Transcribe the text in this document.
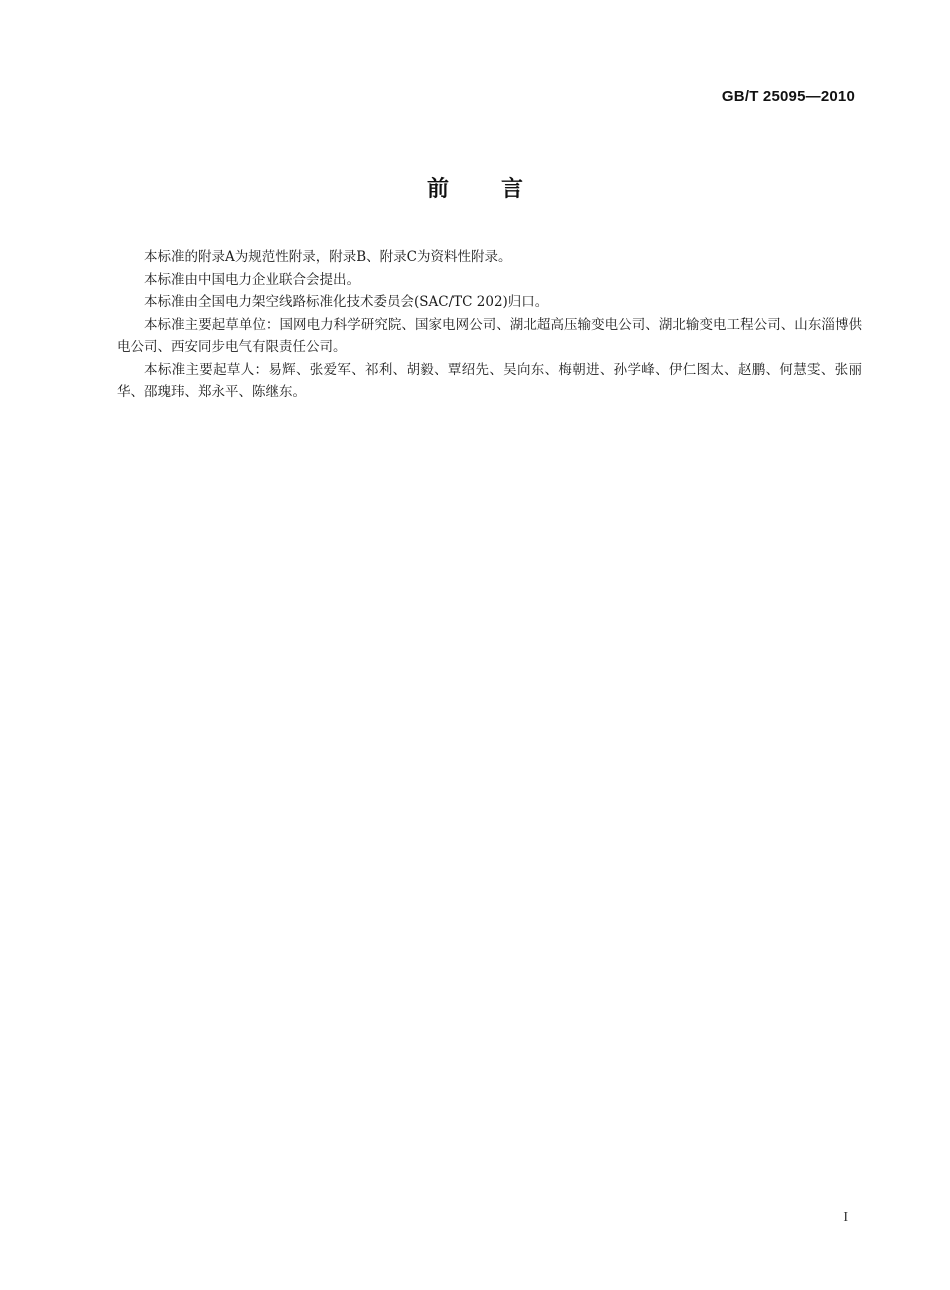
GB/T 25095—2010
前言

本标准的附录A为规范性附录，附录B、附录C为资料性附录。

本标准由中国电力企业联合会提出。

本标准由全国电力架空线路标准化技术委员会(SAC/TC 202)归口。

本标准主要起草单位：国网电力科学研究院、国家电网公司、湖北超高压输变电公司、湖北输变电工程公司、山东淄博供电公司、西安同步电气有限责任公司。

本标准主要起草人：易辉、张爱军、祁利、胡毅、覃绍先、吴向东、梅朝进、孙学峰、伊仁图太、赵鹏、何慧雯、张丽华、邵瑰玮、郑永平、陈继东。

I
